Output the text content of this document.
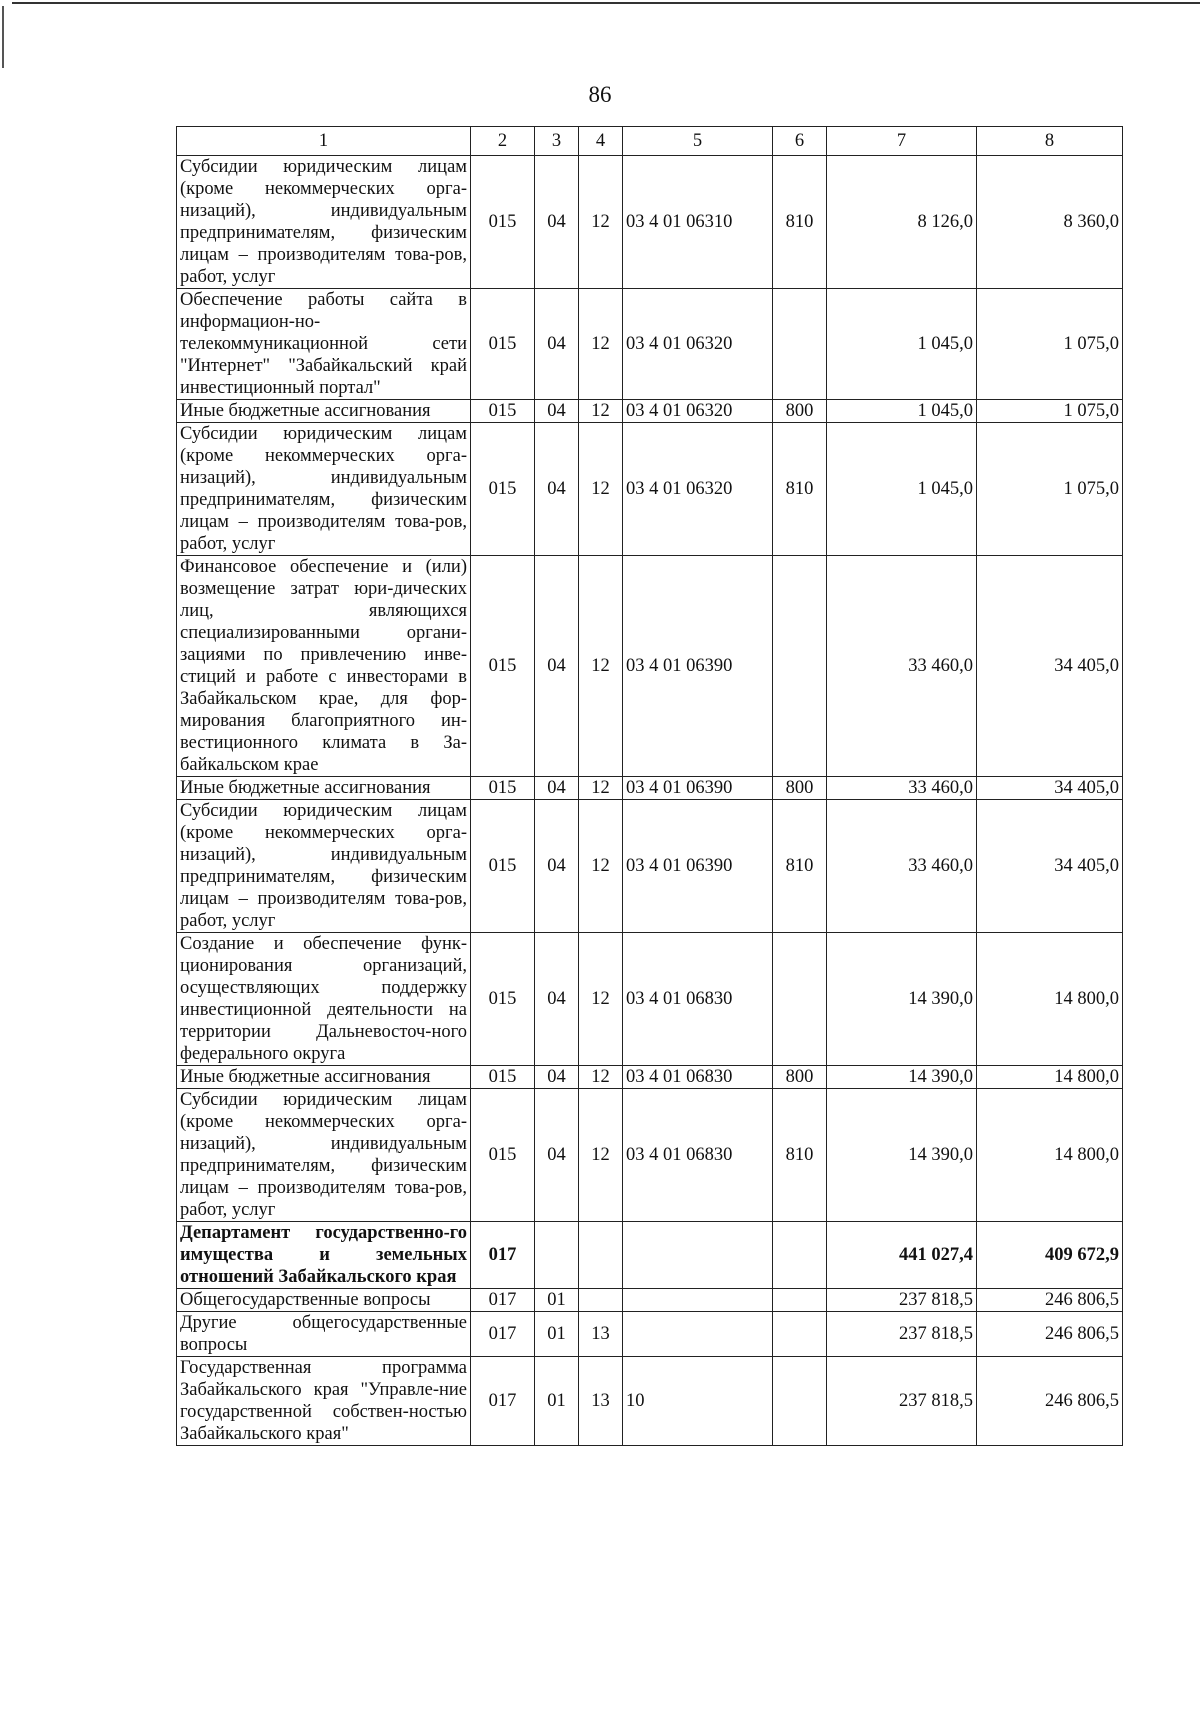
86
1	2	3	4	5	6	7	8
Субсидии юридическим лицам (кроме некоммерческих орга-низаций), индивидуальным предпринимателям, физическим лицам – производителям това-ров, работ, услуг	015	04	12	03 4 01 06310	810	8 126,0	8 360,0
Обеспечение работы сайта в информацион-но-телекоммуникационной сети "Интернет" "Забайкальский край инвестиционный портал"	015	04	12	03 4 01 06320		1 045,0	1 075,0
Иные бюджетные ассигнования	015	04	12	03 4 01 06320	800	1 045,0	1 075,0
Субсидии юридическим лицам (кроме некоммерческих орга-низаций), индивидуальным предпринимателям, физическим лицам – производителям това-ров, работ, услуг	015	04	12	03 4 01 06320	810	1 045,0	1 075,0
Финансовое обеспечение и (или) возмещение затрат юри-дических лиц, являющихся специализированными органи-зациями по привлечению инве-стиций и работе с инвесторами в Забайкальском крае, для фор-мирования благоприятного ин-вестиционного климата в За-байкальском крае	015	04	12	03 4 01 06390		33 460,0	34 405,0
Иные бюджетные ассигнования	015	04	12	03 4 01 06390	800	33 460,0	34 405,0
Субсидии юридическим лицам (кроме некоммерческих орга-низаций), индивидуальным предпринимателям, физическим лицам – производителям това-ров, работ, услуг	015	04	12	03 4 01 06390	810	33 460,0	34 405,0
Создание и обеспечение функ-ционирования организаций, осуществляющих поддержку инвестиционной деятельности на территории Дальневосточ-ного федерального округа	015	04	12	03 4 01 06830		14 390,0	14 800,0
Иные бюджетные ассигнования	015	04	12	03 4 01 06830	800	14 390,0	14 800,0
Субсидии юридическим лицам (кроме некоммерческих орга-низаций), индивидуальным предпринимателям, физическим лицам – производителям това-ров, работ, услуг	015	04	12	03 4 01 06830	810	14 390,0	14 800,0
Департамент государственно-го имущества и земельных отношений Забайкальского края	017					441 027,4	409 672,9
Общегосударственные вопросы	017	01				237 818,5	246 806,5
Другие общегосударственные вопросы	017	01	13			237 818,5	246 806,5
Государственная программа Забайкальского края "Управле-ние государственной собствен-ностью Забайкальского края"	017	01	13	10		237 818,5	246 806,5
